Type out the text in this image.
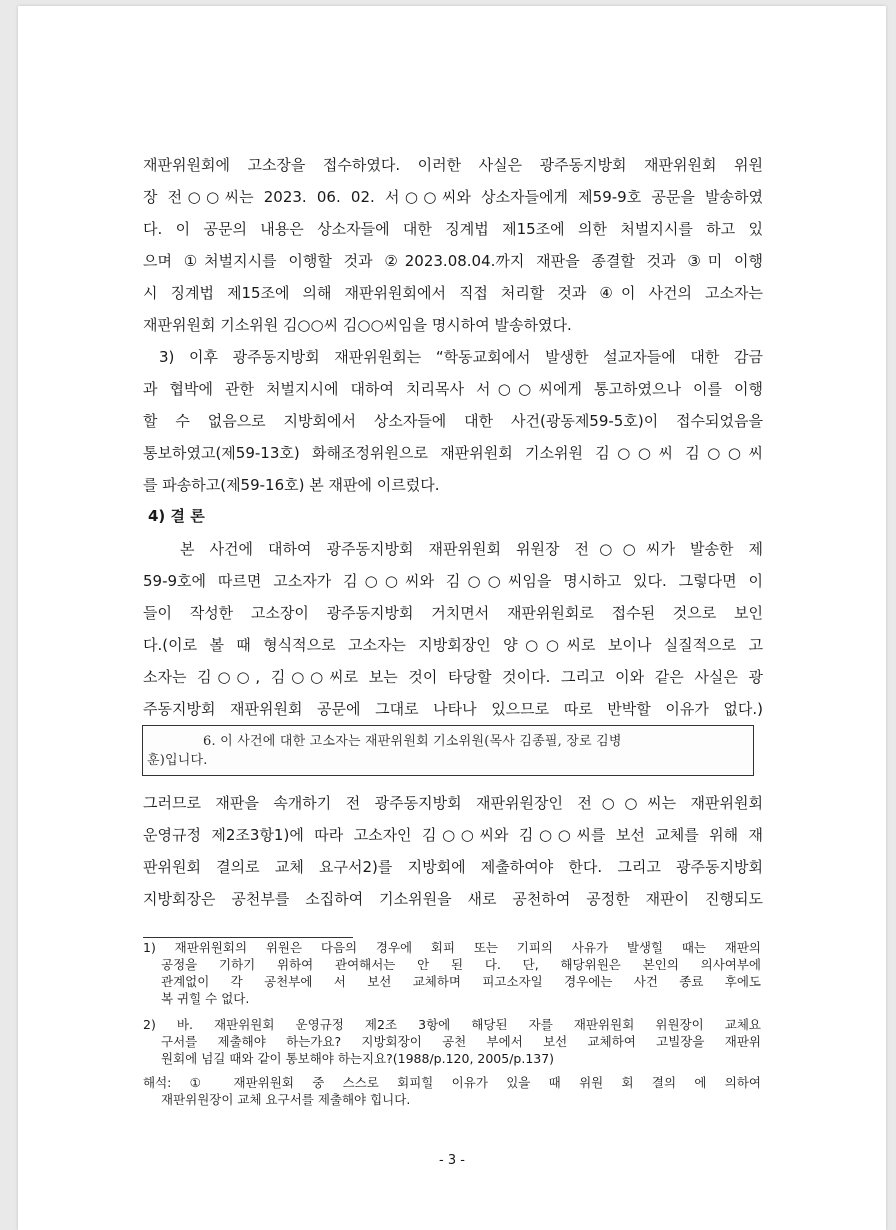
재판위원회에 고소장을 접수하였다. 이러한 사실은 광주동지방회 재판위원회 위원
장 전○○씨는 2023. 06. 02. 서○○씨와 상소자들에게 제59-9호 공문을 발송하였
다. 이 공문의 내용은 상소자들에 대한 징계법 제15조에 의한 처벌지시를 하고 있
으며 ①처벌지시를 이행할 것과 ②2023.08.04.까지 재판을 종결할 것과 ③미 이행
시 징계법 제15조에 의해 재판위원회에서 직접 처리할 것과 ④이 사건의 고소자는
재판위원회 기소위원 김○○씨 김○○씨임을 명시하여 발송하였다.
3) 이후 광주동지방회 재판위원회는 “학동교회에서 발생한 설교자들에 대한 감금
과 협박에 관한 처벌지시에 대하여 치리목사 서○○씨에게 통고하였으나 이를 이행
할 수 없음으로 지방회에서 상소자들에 대한 사건(광동제59-5호)이 접수되었음을
통보하였고(제59-13호) 화해조정위원으로 재판위원회 기소위원 김○○씨 김○○씨
를 파송하고(제59-16호) 본 재판에 이르렀다.
4) 결 론
본 사건에 대하여 광주동지방회 재판위원회 위원장 전○○씨가 발송한 제
59-9호에 따르면 고소자가 김○○씨와 김○○씨임을 명시하고 있다. 그렇다면 이
들이 작성한 고소장이 광주동지방회 거치면서 재판위원회로 접수된 것으로 보인
다.(이로 볼 때 형식적으로 고소자는 지방회장인 양○○씨로 보이나 실질적으로 고
소자는 김○○, 김○○씨로 보는 것이 타당할 것이다. 그리고 이와 같은 사실은 광
주동지방회 재판위원회 공문에 그대로 나타나 있으므로 따로 반박할 이유가 없다.)
6. 이 사건에 대한 고소자는 재판위원회 기소위원(목사 김종필, 장로 김병
훈)입니다.
그러므로 재판을 속개하기 전 광주동지방회 재판위원장인 전○○씨는 재판위원회
운영규정 제2조3항1)에 따라 고소자인 김○○씨와 김○○씨를 보선 교체를 위해 재
판위원회 결의로 교체 요구서2)를 지방회에 제출하여야 한다. 그리고 광주동지방회
지방회장은 공천부를 소집하여 기소위원을 새로 공천하여 공정한 재판이 진행되도
1) 재판위원회의 위원은 다음의 경우에 회피 또는 기피의 사유가 발생힐 때는 재판의
공정을 기하기 위하여 관여해서는 안 된 다. 단, 해당위원은 본인의 의사여부에
관계없이 각 공천부에 서 보선 교체하며 피고소자일 경우에는 사건 종료 후에도
복 귀힐 수 없다.
2) 바. 재판위원회 운영규정 제2조 3항에 해당된 자를 재판위원회 위원장이 교체요
구서를 제출해야 하는가요? 지방회장이 공천 부에서 보선 교체하여 고빌장을 재판위
원회에 넘길 때와 같이 통보해야 하는지요?(1988/p.120, 2005/p.137)
해석: ① 재판위원회 중 스스로 회피힐 이유가 있을 때 위원 회 결의 에 의하여
재판위원장이 교체 요구서를 제출해야 힙니다.
- 3 -
